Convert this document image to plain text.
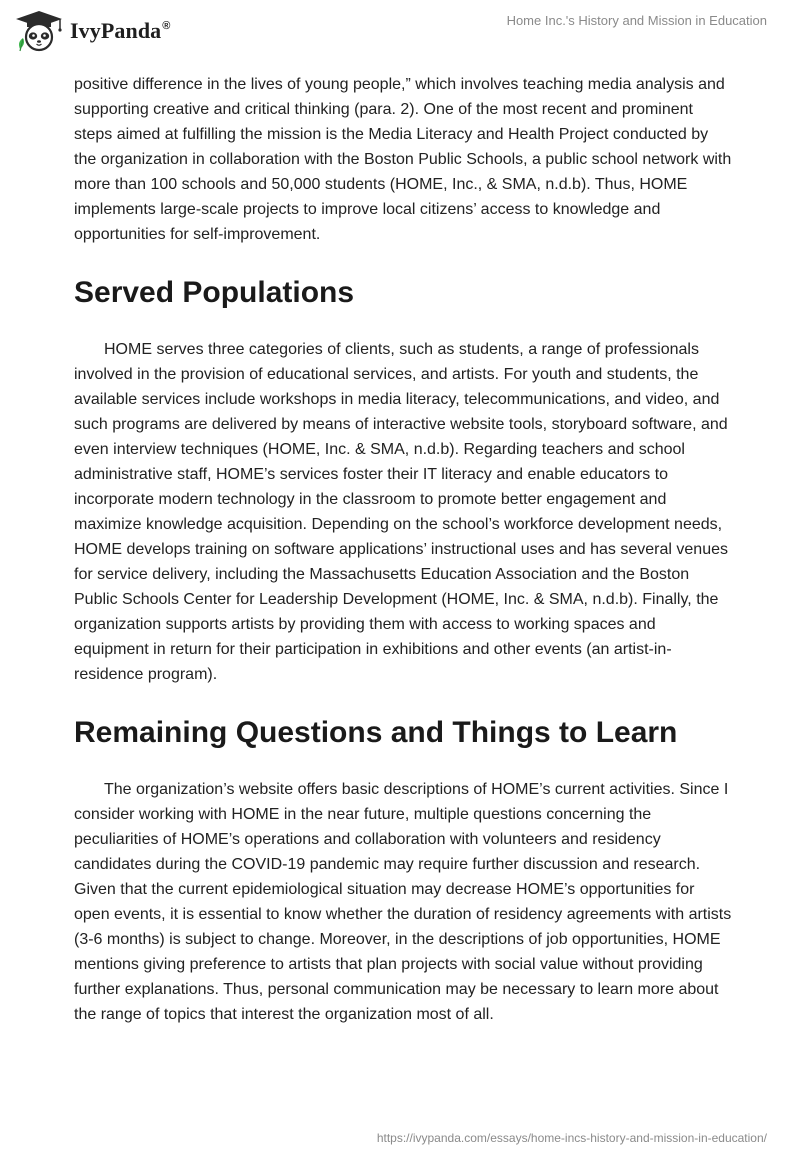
IvyPanda®	Home Inc.'s History and Mission in Education

positive difference in the lives of young people,” which involves teaching media analysis and supporting creative and critical thinking (para. 2). One of the most recent and prominent steps aimed at fulfilling the mission is the Media Literacy and Health Project conducted by the organization in collaboration with the Boston Public Schools, a public school network with more than 100 schools and 50,000 students (HOME, Inc., & SMA, n.d.b). Thus, HOME implements large-scale projects to improve local citizens’ access to knowledge and opportunities for self-improvement.

Served Populations

HOME serves three categories of clients, such as students, a range of professionals involved in the provision of educational services, and artists. For youth and students, the available services include workshops in media literacy, telecommunications, and video, and such programs are delivered by means of interactive website tools, storyboard software, and even interview techniques (HOME, Inc. & SMA, n.d.b). Regarding teachers and school administrative staff, HOME’s services foster their IT literacy and enable educators to incorporate modern technology in the classroom to promote better engagement and maximize knowledge acquisition. Depending on the school’s workforce development needs, HOME develops training on software applications’ instructional uses and has several venues for service delivery, including the Massachusetts Education Association and the Boston Public Schools Center for Leadership Development (HOME, Inc. & SMA, n.d.b). Finally, the organization supports artists by providing them with access to working spaces and equipment in return for their participation in exhibitions and other events (an artist-in-residence program).

Remaining Questions and Things to Learn

The organization’s website offers basic descriptions of HOME’s current activities. Since I consider working with HOME in the near future, multiple questions concerning the peculiarities of HOME’s operations and collaboration with volunteers and residency candidates during the COVID-19 pandemic may require further discussion and research. Given that the current epidemiological situation may decrease HOME’s opportunities for open events, it is essential to know whether the duration of residency agreements with artists (3-6 months) is subject to change. Moreover, in the descriptions of job opportunities, HOME mentions giving preference to artists that plan projects with social value without providing further explanations. Thus, personal communication may be necessary to learn more about the range of topics that interest the organization most of all.

https://ivypanda.com/essays/home-incs-history-and-mission-in-education/
